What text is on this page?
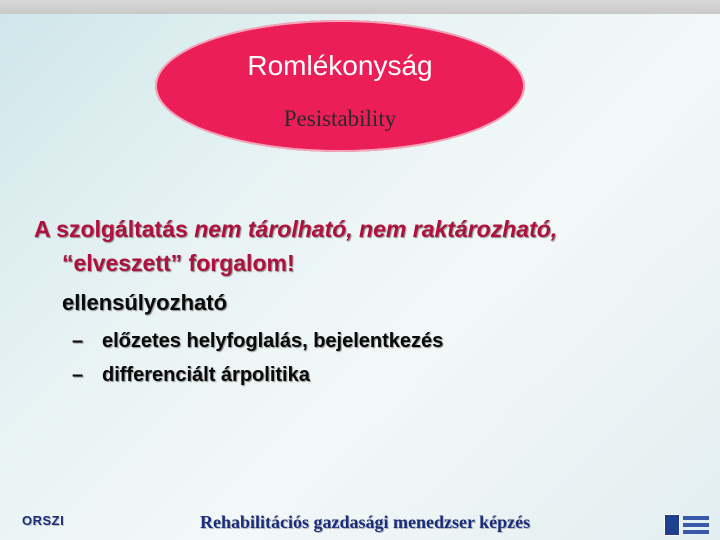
Romlékonyság
Pesistability
A szolgáltatás nem tárolható, nem raktározható,
“elveszett” forgalom!
ellensúlyozható
– előzetes helyfoglalás, bejelentkezés
– differenciált árpolitika
ORSZI	Rehabilitációs gazdasági menedzser képzés
